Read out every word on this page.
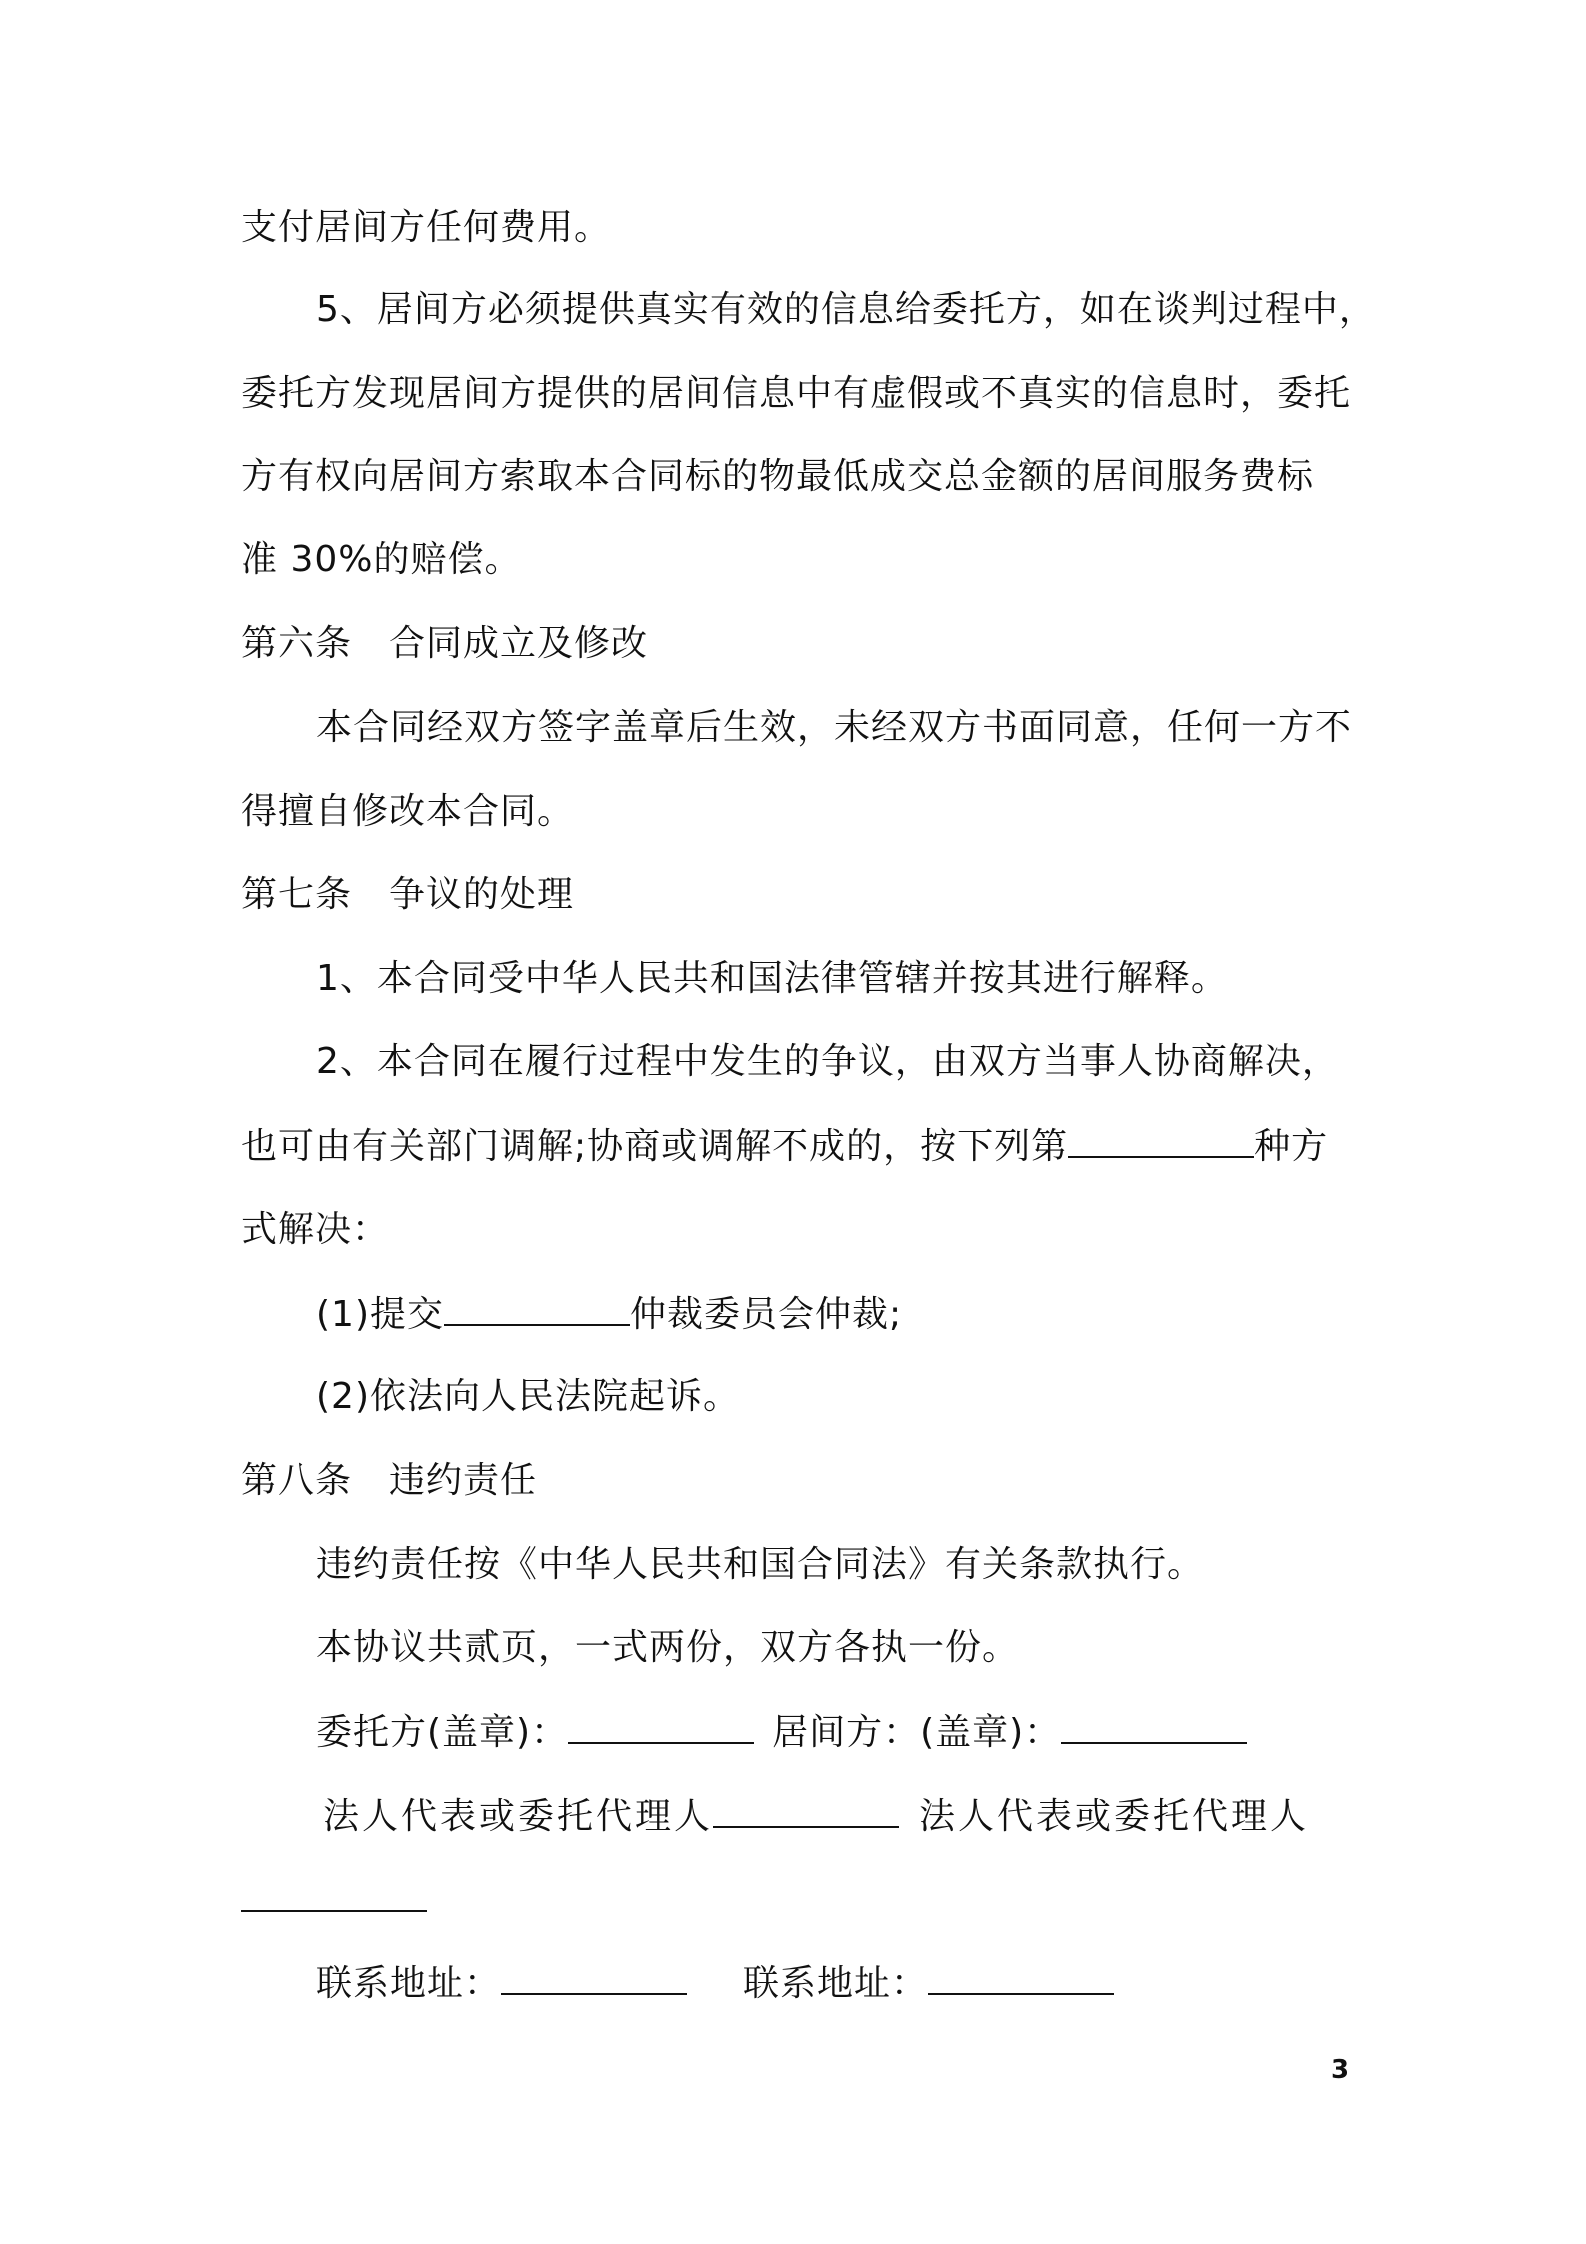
支付居间方任何费用。

5、居间方必须提供真实有效的信息给委托方，如在谈判过程中，

委托方发现居间方提供的居间信息中有虚假或不真实的信息时，委托

方有权向居间方索取本合同标的物最低成交总金额的居间服务费标

准 30%的赔偿。

第六条　合同成立及修改

本合同经双方签字盖章后生效，未经双方书面同意，任何一方不

得擅自修改本合同。

第七条　争议的处理

1、本合同受中华人民共和国法律管辖并按其进行解释。

2、本合同在履行过程中发生的争议，由双方当事人协商解决，

也可由有关部门调解;协商或调解不成的，按下列第	种方

式解决：

(1)提交	仲裁委员会仲裁;

(2)依法向人民法院起诉。

第八条　违约责任

违约责任按《中华人民共和国合同法》有关条款执行。

本协议共贰页，一式两份，双方各执一份。

委托方(盖章)：	居间方：(盖章)：

法人代表或委托代理人	法人代表或委托代理人

联系地址：	联系地址：

3
